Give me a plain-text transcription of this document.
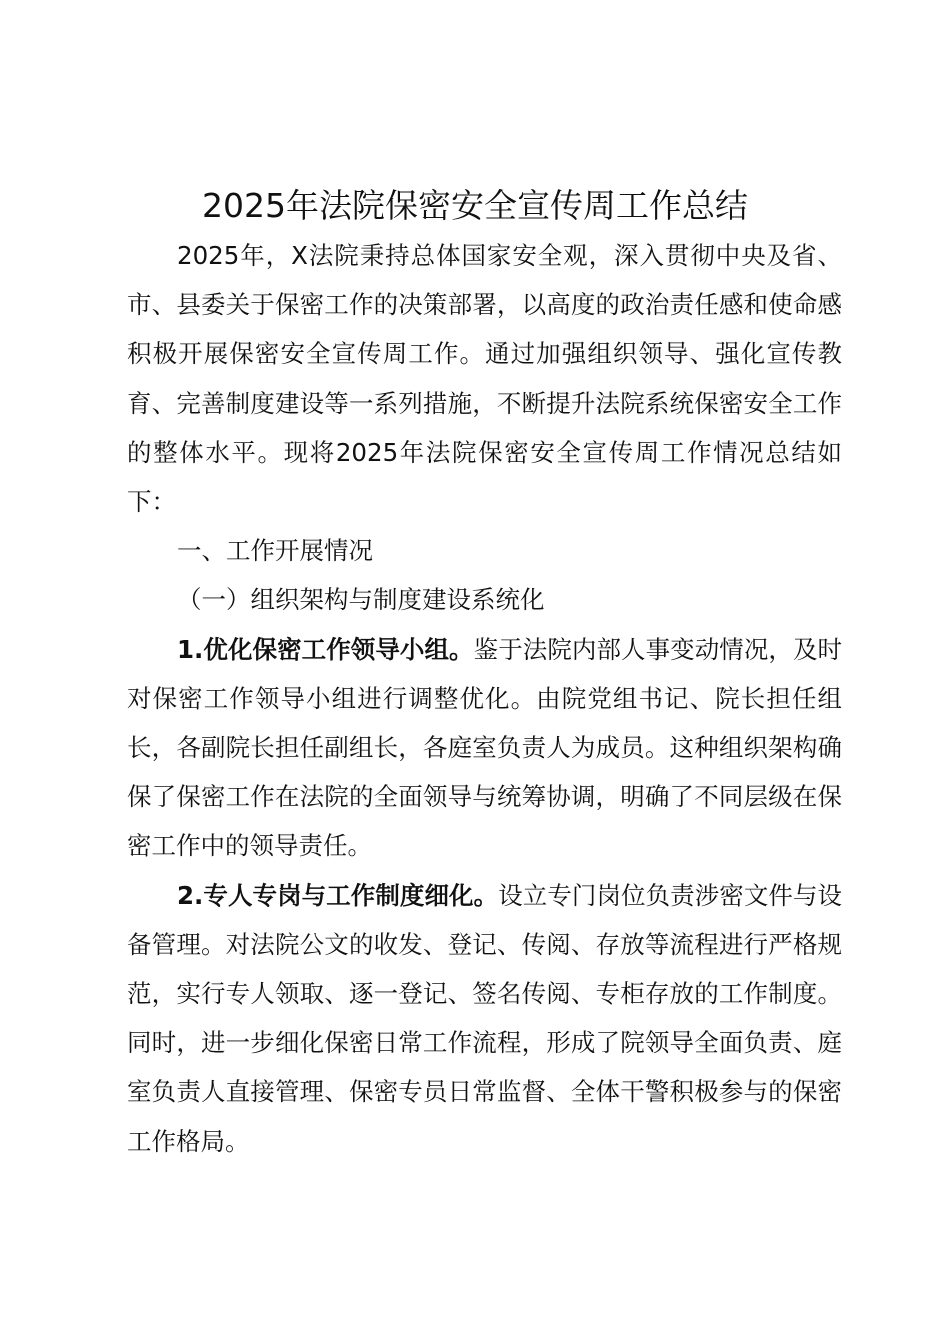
2025年法院保密安全宣传周工作总结

2025年，X法院秉持总体国家安全观，深入贯彻中央及省、市、县委关于保密工作的决策部署，以高度的政治责任感和使命感积极开展保密安全宣传周工作。通过加强组织领导、强化宣传教育、完善制度建设等一系列措施，不断提升法院系统保密安全工作的整体水平。现将2025年法院保密安全宣传周工作情况总结如下：

一、工作开展情况

（一）组织架构与制度建设系统化

1.优化保密工作领导小组。鉴于法院内部人事变动情况，及时对保密工作领导小组进行调整优化。由院党组书记、院长担任组长，各副院长担任副组长，各庭室负责人为成员。这种组织架构确保了保密工作在法院的全面领导与统筹协调，明确了不同层级在保密工作中的领导责任。

2.专人专岗与工作制度细化。设立专门岗位负责涉密文件与设备管理。对法院公文的收发、登记、传阅、存放等流程进行严格规范，实行专人领取、逐一登记、签名传阅、专柜存放的工作制度。同时，进一步细化保密日常工作流程，形成了院领导全面负责、庭室负责人直接管理、保密专员日常监督、全体干警积极参与的保密工作格局。
